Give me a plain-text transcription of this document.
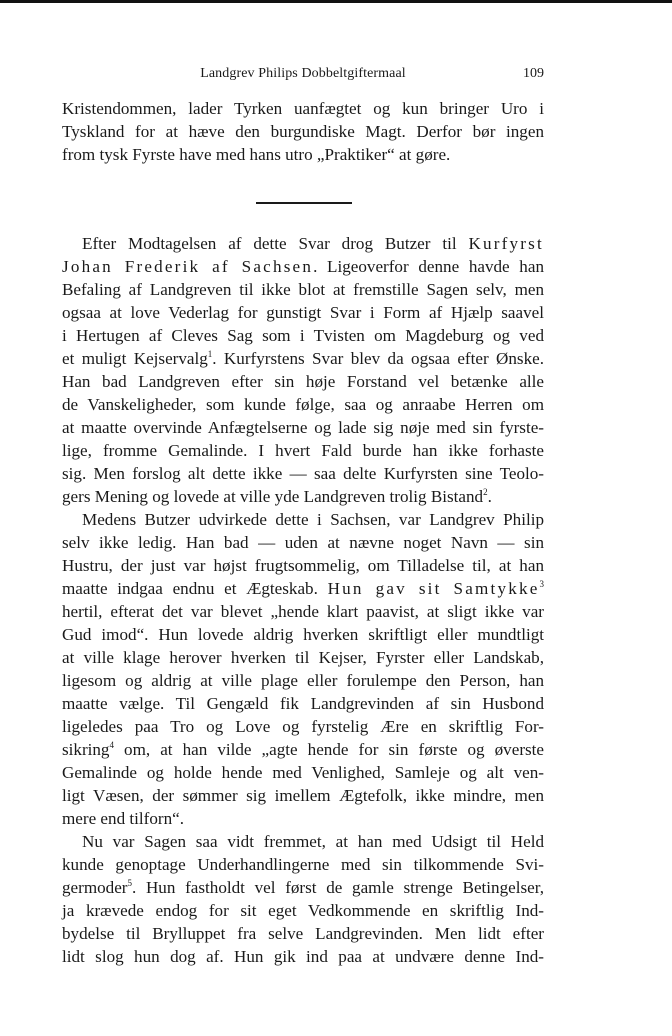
Landgrev Philips Dobbeltgiftermaal	109
Kristendommen, lader Tyrken uanfægtet og kun bringer Uro i
Tyskland for at hæve den burgundiske Magt. Derfor bør ingen
from tysk Fyrste have med hans utro „Praktiker“ at gøre.
Efter Modtagelsen af dette Svar drog Butzer til Kurfyrst
Johan Frederik af Sachsen. Ligeoverfor denne havde han
Befaling af Landgreven til ikke blot at fremstille Sagen selv, men
ogsaa at love Vederlag for gunstigt Svar i Form af Hjælp saavel
i Hertugen af Cleves Sag som i Tvisten om Magdeburg og ved
et muligt Kejservalg$^1$. Kurfyrstens Svar blev da ogsaa efter Ønske.
Han bad Landgreven efter sin høje Forstand vel betænke alle
de Vanskeligheder, som kunde følge, saa og anraabe Herren om
at maatte overvinde Anfægtelserne og lade sig nøje med sin fyrste-
lige, fromme Gemalinde. I hvert Fald burde han ikke forhaste
sig. Men forslog alt dette ikke — saa delte Kurfyrsten sine Teolo-
gers Mening og lovede at ville yde Landgreven trolig Bistand$^2$.
Medens Butzer udvirkede dette i Sachsen, var Landgrev Philip
selv ikke ledig. Han bad — uden at nævne noget Navn — sin
Hustru, der just var højst frugtsommelig, om Tilladelse til, at han
maatte indgaa endnu et Ægteskab. Hun gav sit Samtykke$^3$
hertil, efterat det var blevet „hende klart paavist, at sligt ikke var
Gud imod“. Hun lovede aldrig hverken skriftligt eller mundtligt
at ville klage herover hverken til Kejser, Fyrster eller Landskab,
ligesom og aldrig at ville plage eller forulempe den Person, han
maatte vælge. Til Gengæld fik Landgrevinden af sin Husbond
ligeledes paa Tro og Love og fyrstelig Ære en skriftlig For-
sikring$^4$ om, at han vilde „agte hende for sin første og øverste
Gemalinde og holde hende med Venlighed, Samleje og alt ven-
ligt Væsen, der sømmer sig imellem Ægtefolk, ikke mindre, men
mere end tilforn“.
Nu var Sagen saa vidt fremmet, at han med Udsigt til Held
kunde genoptage Underhandlingerne med sin tilkommende Svi-
germoder$^5$. Hun fastholdt vel først de gamle strenge Betingelser,
ja krævede endog for sit eget Vedkommende en skriftlig Ind-
bydelse til Brylluppet fra selve Landgrevinden. Men lidt efter
lidt slog hun dog af. Hun gik ind paa at undvære denne Ind-
